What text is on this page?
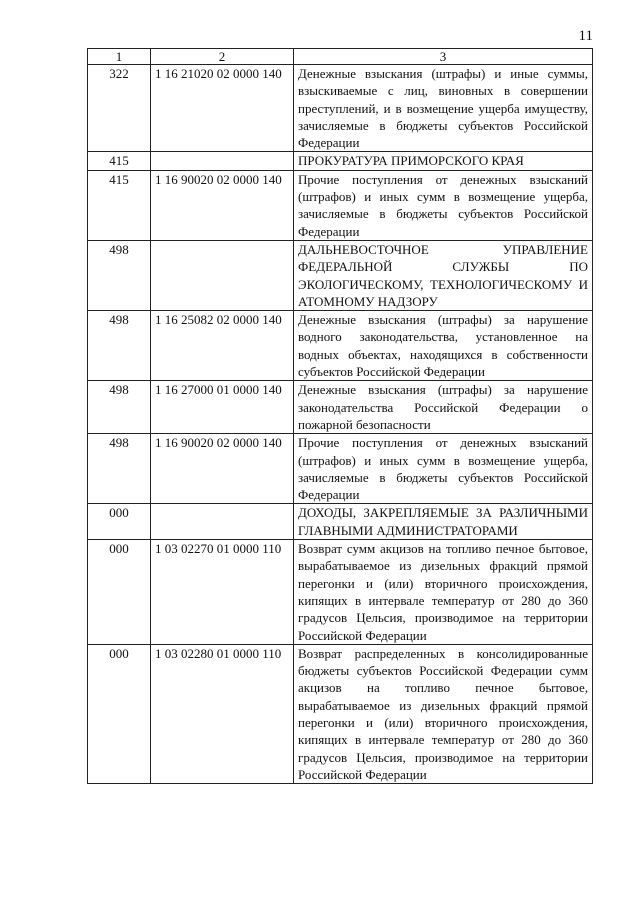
11
1	2	3
322	1 16 21020 02 0000 140	Денежные взыскания (штрафы) и иные суммы, взыскиваемые с лиц, виновных в совершении преступлений, и в возмещение ущерба имуществу, зачисляемые в бюджеты субъектов Российской Федерации
415		ПРОКУРАТУРА ПРИМОРСКОГО КРАЯ
415	1 16 90020 02 0000 140	Прочие поступления от денежных взысканий (штрафов) и иных сумм в возмещение ущерба, зачисляемые в бюджеты субъектов Российской Федерации
498		ДАЛЬНЕВОСТОЧНОЕ УПРАВЛЕНИЕ ФЕДЕРАЛЬНОЙ СЛУЖБЫ ПО ЭКОЛОГИЧЕСКОМУ, ТЕХНОЛОГИЧЕСКОМУ И АТОМНОМУ НАДЗОРУ
498	1 16 25082 02 0000 140	Денежные взыскания (штрафы) за нарушение водного законодательства, установленное на водных объектах, находящихся в собственности субъектов Российской Федерации
498	1 16 27000 01 0000 140	Денежные взыскания (штрафы) за нарушение законодательства Российской Федерации о пожарной безопасности
498	1 16 90020 02 0000 140	Прочие поступления от денежных взысканий (штрафов) и иных сумм в возмещение ущерба, зачисляемые в бюджеты субъектов Российской Федерации
000		ДОХОДЫ, ЗАКРЕПЛЯЕМЫЕ ЗА РАЗЛИЧНЫМИ ГЛАВНЫМИ АДМИНИСТРАТОРАМИ
000	1 03 02270 01 0000 110	Возврат сумм акцизов на топливо печное бытовое, вырабатываемое из дизельных фракций прямой перегонки и (или) вторичного происхождения, кипящих в интервале температур от 280 до 360 градусов Цельсия, производимое на территории Российской Федерации
000	1 03 02280 01 0000 110	Возврат распределенных в консолидированные бюджеты субъектов Российской Федерации сумм акцизов на топливо печное бытовое, вырабатываемое из дизельных фракций прямой перегонки и (или) вторичного происхождения, кипящих в интервале температур от 280 до 360 градусов Цельсия, производимое на территории Российской Федерации
